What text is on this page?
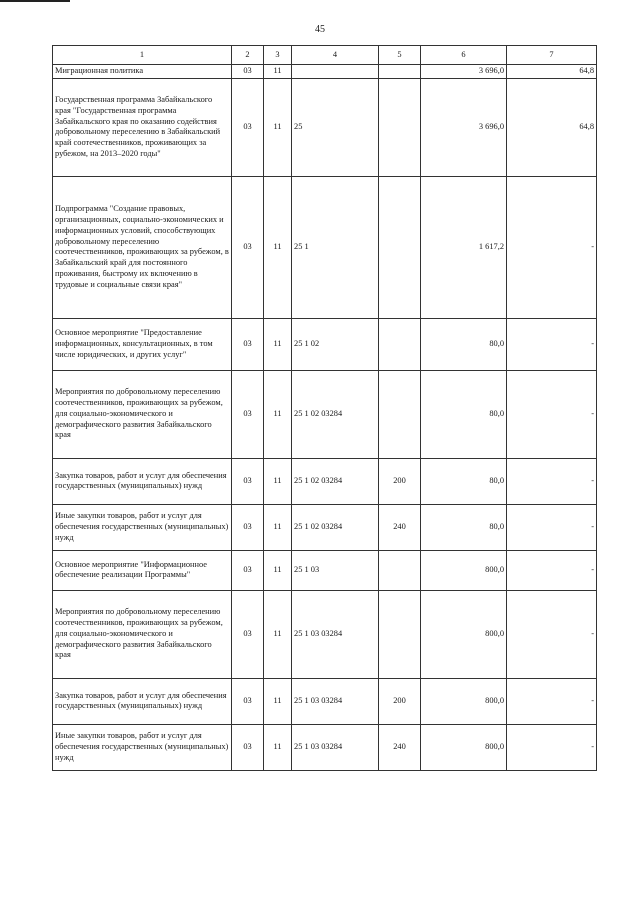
45
1	2	3	4	5	6	7
Миграционная политика	03	11			3 696,0	64,8
Государственная программа Забайкальского края "Государственная программа Забайкальского края по оказанию содействия добровольному переселению в Забайкальский край соотечественников, проживающих за рубежом, на 2013–2020 годы"	03	11	25		3 696,0	64,8
Подпрограмма "Создание правовых, организационных, социально-экономических и информационных условий, способствующих добровольному переселению соотечественников, проживающих за рубежом, в Забайкальский край для постоянного проживания, быстрому их включению в трудовые и социальные связи края"	03	11	25 1		1 617,2	-
Основное мероприятие "Предоставление информационных, консультационных, в том числе юридических, и других услуг"	03	11	25 1 02		80,0	-
Мероприятия по добровольному переселению соотечественников, проживающих за рубежом, для социально-экономического и демографического развития Забайкальского края	03	11	25 1 02 03284		80,0	-
Закупка товаров, работ и услуг для обеспечения государственных (муниципальных) нужд	03	11	25 1 02 03284	200	80,0	-
Иные закупки товаров, работ и услуг для обеспечения государственных (муниципальных) нужд	03	11	25 1 02 03284	240	80,0	-
Основное мероприятие "Информационное обеспечение реализации Программы"	03	11	25 1 03		800,0	-
Мероприятия по добровольному переселению соотечественников, проживающих за рубежом, для социально-экономического и демографического развития Забайкальского края	03	11	25 1 03 03284		800,0	-
Закупка товаров, работ и услуг для обеспечения государственных (муниципальных) нужд	03	11	25 1 03 03284	200	800,0	-
Иные закупки товаров, работ и услуг для обеспечения государственных (муниципальных) нужд	03	11	25 1 03 03284	240	800,0	-
